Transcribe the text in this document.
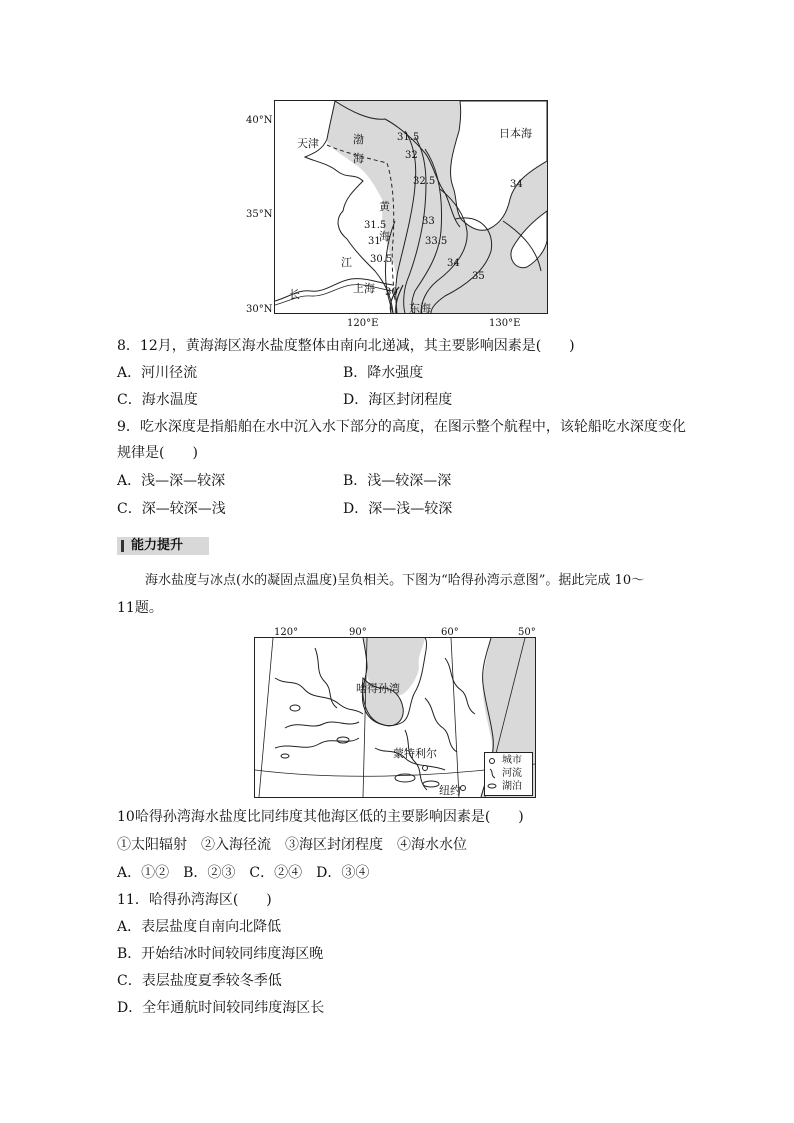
天津	渤
海
日本海
黄
海
江
长	上海
东海
31.5
32
32.5
33
31.5
31	33.5
30.5	34
34
35
30
40°N
35°N
30°N
120°E	130°E
8．12月，黄海海区海水盐度整体由南向北递减，其主要影响因素是(　　)
A．河川径流	B．降水强度
C．海水温度	D．海区封闭程度
9．吃水深度是指船舶在水中沉入水下部分的高度，在图示整个航程中，该轮船吃水深度变化
规律是(　　)
A．浅—深—较深	B．浅—较深—深
C．深—较深—浅	D．深—浅—较深
能力提升
海水盐度与冰点(水的凝固点温度)呈负相关。下图为“哈得孙湾示意图”。据此完成 10～
11题。
哈得孙湾
蒙特利尔
纽约
120°	90°	60°	50°
城市
河流
湖泊
10哈得孙湾海水盐度比同纬度其他海区低的主要影响因素是(　　)
①太阳辐射　②入海径流　③海区封闭程度　④海水水位
A．①②　B．②③　C．②④　D．③④
11．哈得孙湾海区(　　)
A．表层盐度自南向北降低
B．开始结冰时间较同纬度海区晚
C．表层盐度夏季较冬季低
D．全年通航时间较同纬度海区长
